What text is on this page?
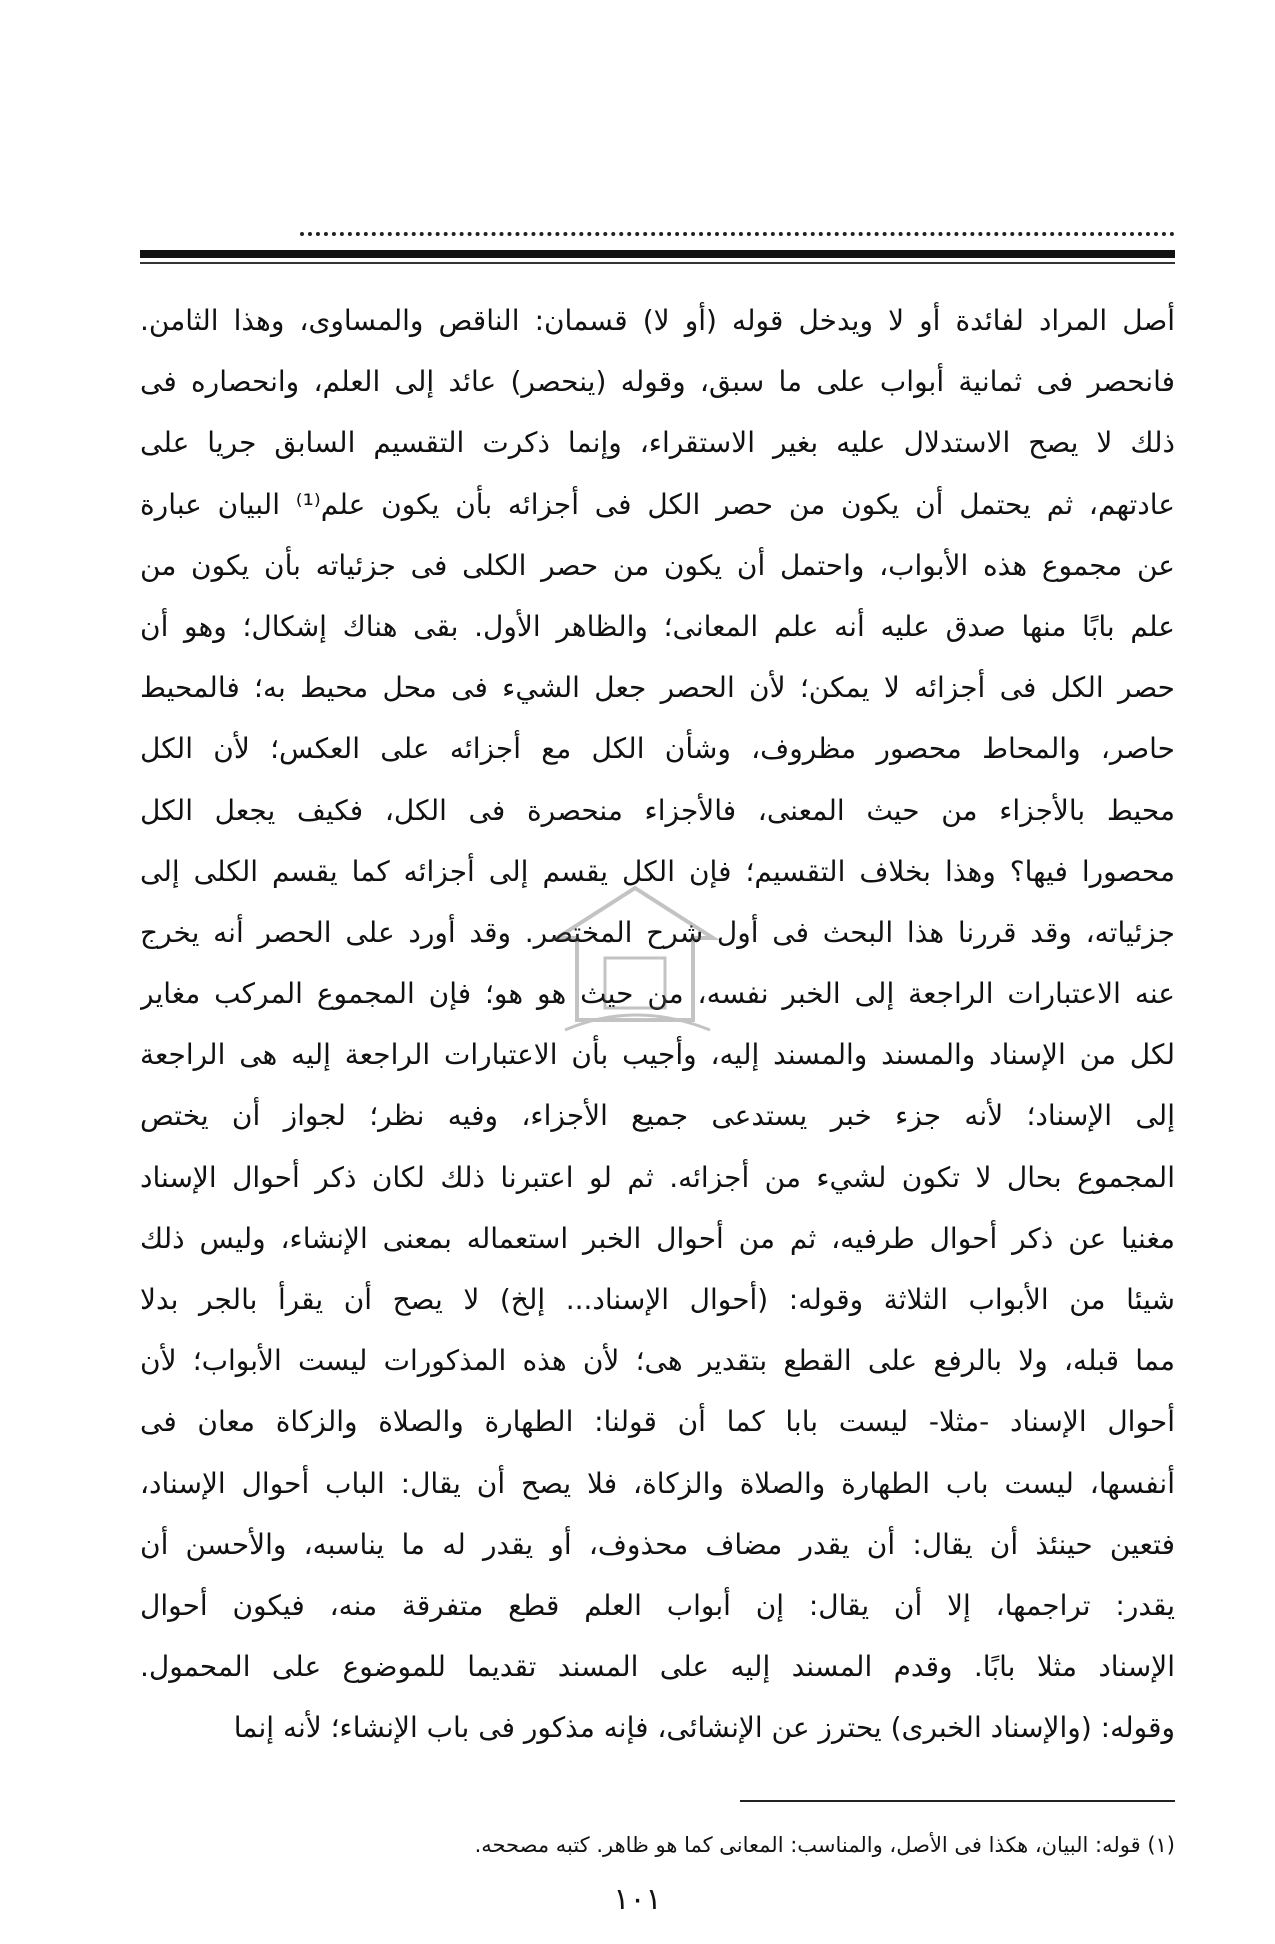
أصل المراد لفائدة أو لا ويدخل قوله (أو لا) قسمان: الناقص والمساوى، وهذا الثامن.
فانحصر فى ثمانية أبواب على ما سبق، وقوله (ينحصر) عائد إلى العلم، وانحصاره فى
ذلك لا يصح الاستدلال عليه بغير الاستقراء، وإنما ذكرت التقسيم السابق جريا على
عادتهم، ثم يحتمل أن يكون من حصر الكل فى أجزائه بأن يكون علم⁽¹⁾ البيان عبارة
عن مجموع هذه الأبواب، واحتمل أن يكون من حصر الكلى فى جزئياته بأن يكون من
علم بابًا منها صدق عليه أنه علم المعانى؛ والظاهر الأول. بقى هناك إشكال؛ وهو أن
حصر الكل فى أجزائه لا يمكن؛ لأن الحصر جعل الشيء فى محل محيط به؛ فالمحيط
حاصر، والمحاط محصور مظروف، وشأن الكل مع أجزائه على العكس؛ لأن الكل
محيط بالأجزاء من حيث المعنى، فالأجزاء منحصرة فى الكل، فكيف يجعل الكل
محصورا فيها؟ وهذا بخلاف التقسيم؛ فإن الكل يقسم إلى أجزائه كما يقسم الكلى إلى
جزئياته، وقد قررنا هذا البحث فى أول شرح المختصر. وقد أورد على الحصر أنه يخرج
عنه الاعتبارات الراجعة إلى الخبر نفسه، من حيث هو هو؛ فإن المجموع المركب مغاير
لكل من الإسناد والمسند والمسند إليه، وأجيب بأن الاعتبارات الراجعة إليه هى الراجعة
إلى الإسناد؛ لأنه جزء خبر يستدعى جميع الأجزاء، وفيه نظر؛ لجواز أن يختص
المجموع بحال لا تكون لشيء من أجزائه. ثم لو اعتبرنا ذلك لكان ذكر أحوال الإسناد
مغنيا عن ذكر أحوال طرفيه، ثم من أحوال الخبر استعماله بمعنى الإنشاء، وليس ذلك
شيئا من الأبواب الثلاثة وقوله: (أحوال الإسناد... إلخ) لا يصح أن يقرأ بالجر بدلا
مما قبله، ولا بالرفع على القطع بتقدير هى؛ لأن هذه المذكورات ليست الأبواب؛ لأن
أحوال الإسناد -مثلا- ليست بابا كما أن قولنا: الطهارة والصلاة والزكاة معان فى
أنفسها، ليست باب الطهارة والصلاة والزكاة، فلا يصح أن يقال: الباب أحوال الإسناد،
فتعين حينئذ أن يقال: أن يقدر مضاف محذوف، أو يقدر له ما يناسبه، والأحسن أن
يقدر: تراجمها، إلا أن يقال: إن أبواب العلم قطع متفرقة منه، فيكون أحوال
الإسناد مثلا بابًا. وقدم المسند إليه على المسند تقديما للموضوع على المحمول.
وقوله: (والإسناد الخبرى) يحترز عن الإنشائى، فإنه مذكور فى باب الإنشاء؛ لأنه إنما
(١) قوله: البيان، هكذا فى الأصل، والمناسب: المعانى كما هو ظاهر. كتبه مصححه.
١٠١
